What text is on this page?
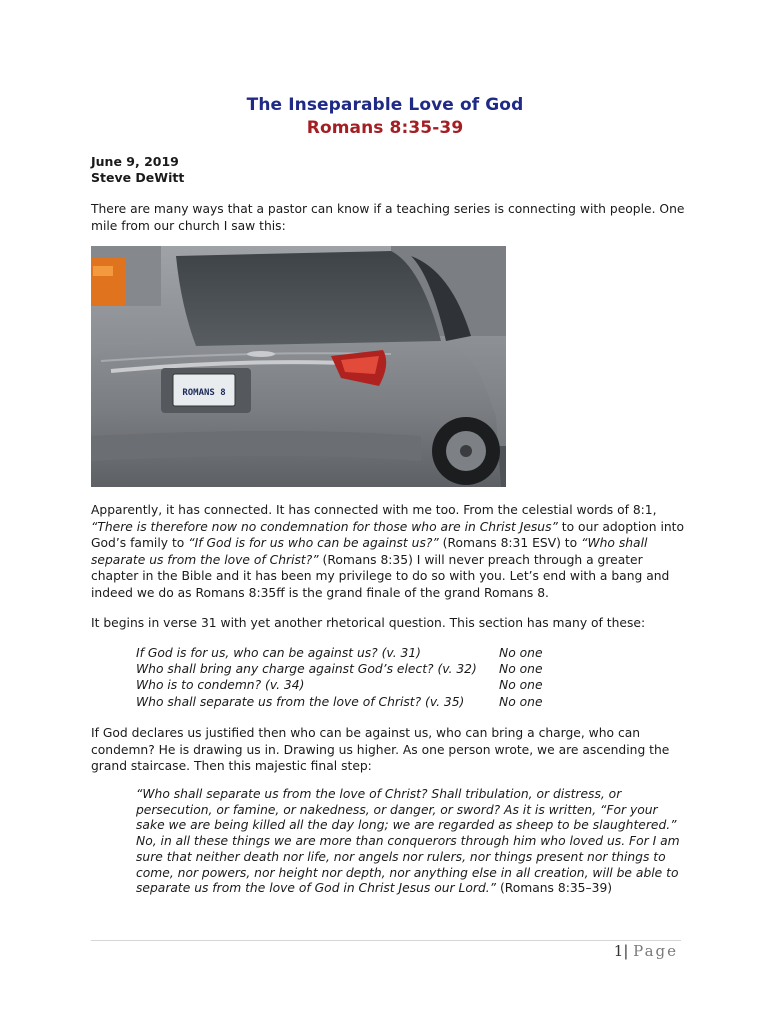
The Inseparable Love of God
Romans 8:35-39
June 9, 2019
Steve DeWitt

There are many ways that a pastor can know if a teaching series is connecting with people. One mile from our church I saw this:

ROMANS 8

Apparently, it has connected. It has connected with me too. From the celestial words of 8:1, “There is therefore now no condemnation for those who are in Christ Jesus” to our adoption into God’s family to “If God is for us who can be against us?” (Romans 8:31 ESV) to “Who shall separate us from the love of Christ?” (Romans 8:35) I will never preach through a greater chapter in the Bible and it has been my privilege to do so with you. Let’s end with a bang and indeed we do as Romans 8:35ff is the grand finale of the grand Romans 8.

It begins in verse 31 with yet another rhetorical question. This section has many of these:

If God is for us, who can be against us? (v. 31)	No one
Who shall bring any charge against God’s elect? (v. 32)	No one
Who is to condemn? (v. 34)	No one
Who shall separate us from the love of Christ? (v. 35)	No one

If God declares us justified then who can be against us, who can bring a charge, who can condemn? He is drawing us in. Drawing us higher. As one person wrote, we are ascending the grand staircase. Then this majestic final step:

“Who shall separate us from the love of Christ? Shall tribulation, or distress, or persecution, or famine, or nakedness, or danger, or sword? As it is written, “For your sake we are being killed all the day long; we are regarded as sheep to be slaughtered.” No, in all these things we are more than conquerors through him who loved us. For I am sure that neither death nor life, nor angels nor rulers, nor things present nor things to come, nor powers, nor height nor depth, nor anything else in all creation, will be able to separate us from the love of God in Christ Jesus our Lord.” (Romans 8:35–39)

1| Page
